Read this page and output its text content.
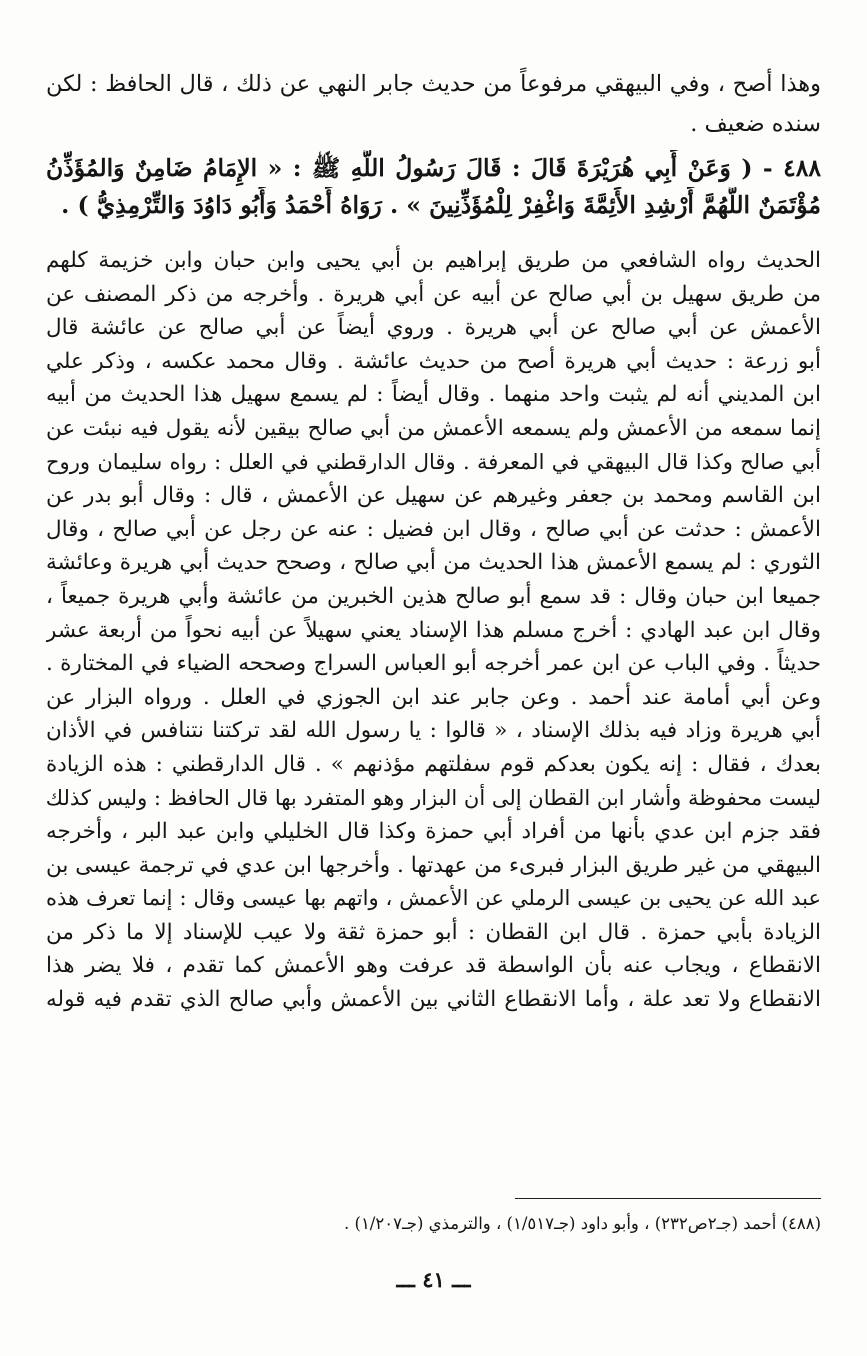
وهذا أصح ، وفي البيهقي مرفوعاً من حديث جابر النهي عن ذلك ، قال الحافظ : لكن
سنده ضعيف .
٤٨٨ - ( وَعَنْ أَبِي هُرَيْرَةَ قَالَ : قَالَ رَسُولُ اللَّهِ ﷺ : « الإِمَامُ ضَامِنٌ وَالمُؤَذِّنُ
مُؤْتَمَنٌ اللَّهُمَّ أَرْشِدِ الأَئِمَّةَ وَاغْفِرْ لِلْمُؤَذِّنِينَ » . رَوَاهُ أَحْمَدُ وَأَبُو دَاوُدَ وَالتِّرْمِذِيُّ ) .
الحديث رواه الشافعي من طريق إبراهيم بن أبي يحيى وابن حبان وابن خزيمة كلهم
من طريق سهيل بن أبي صالح عن أبيه عن أبي هريرة . وأخرجه من ذكر المصنف عن
الأعمش عن أبي صالح عن أبي هريرة . وروي أيضاً عن أبي صالح عن عائشة قال
أبو زرعة : حديث أبي هريرة أصح من حديث عائشة . وقال محمد عكسه ، وذكر علي
ابن المديني أنه لم يثبت واحد منهما . وقال أيضاً : لم يسمع سهيل هذا الحديث من أبيه
إنما سمعه من الأعمش ولم يسمعه الأعمش من أبي صالح بيقين لأنه يقول فيه نبئت عن
أبي صالح وكذا قال البيهقي في المعرفة . وقال الدارقطني في العلل : رواه سليمان وروح
ابن القاسم ومحمد بن جعفر وغيرهم عن سهيل عن الأعمش ، قال : وقال أبو بدر عن
الأعمش : حدثت عن أبي صالح ، وقال ابن فضيل : عنه عن رجل عن أبي صالح ، وقال
الثوري : لم يسمع الأعمش هذا الحديث من أبي صالح ، وصحح حديث أبي هريرة وعائشة
جميعا ابن حبان وقال : قد سمع أبو صالح هذين الخبرين من عائشة وأبي هريرة جميعاً ،
وقال ابن عبد الهادي : أخرج مسلم هذا الإسناد يعني سهيلاً عن أبيه نحواً من أربعة عشر
حديثاً . وفي الباب عن ابن عمر أخرجه أبو العباس السراج وصححه الضياء في المختارة .
وعن أبي أمامة عند أحمد . وعن جابر عند ابن الجوزي في العلل . ورواه البزار عن
أبي هريرة وزاد فيه بذلك الإسناد ، « قالوا : يا رسول الله لقد تركتنا نتنافس في الأذان
بعدك ، فقال : إنه يكون بعدكم قوم سفلتهم مؤذنهم » . قال الدارقطني : هذه الزيادة
ليست محفوظة وأشار ابن القطان إلى أن البزار وهو المتفرد بها قال الحافظ : وليس كذلك
فقد جزم ابن عدي بأنها من أفراد أبي حمزة وكذا قال الخليلي وابن عبد البر ، وأخرجه
البيهقي من غير طريق البزار فبرىء من عهدتها . وأخرجها ابن عدي في ترجمة عيسى بن
عبد الله عن يحيى بن عيسى الرملي عن الأعمش ، واتهم بها عيسى وقال : إنما تعرف هذه
الزيادة بأبي حمزة . قال ابن القطان : أبو حمزة ثقة ولا عيب للإسناد إلا ما ذكر من
الانقطاع ، ويجاب عنه بأن الواسطة قد عرفت وهو الأعمش كما تقدم ، فلا يضر هذا
الانقطاع ولا تعد علة ، وأما الانقطاع الثاني بين الأعمش وأبي صالح الذي تقدم فيه قوله
(٤٨٨) أحمد (جـ٢ص٢٣٢) ، وأبو داود (جـ١/٥١٧) ، والترمذي (جـ١/٢٠٧) .
ـــ ٤١ ـــ
